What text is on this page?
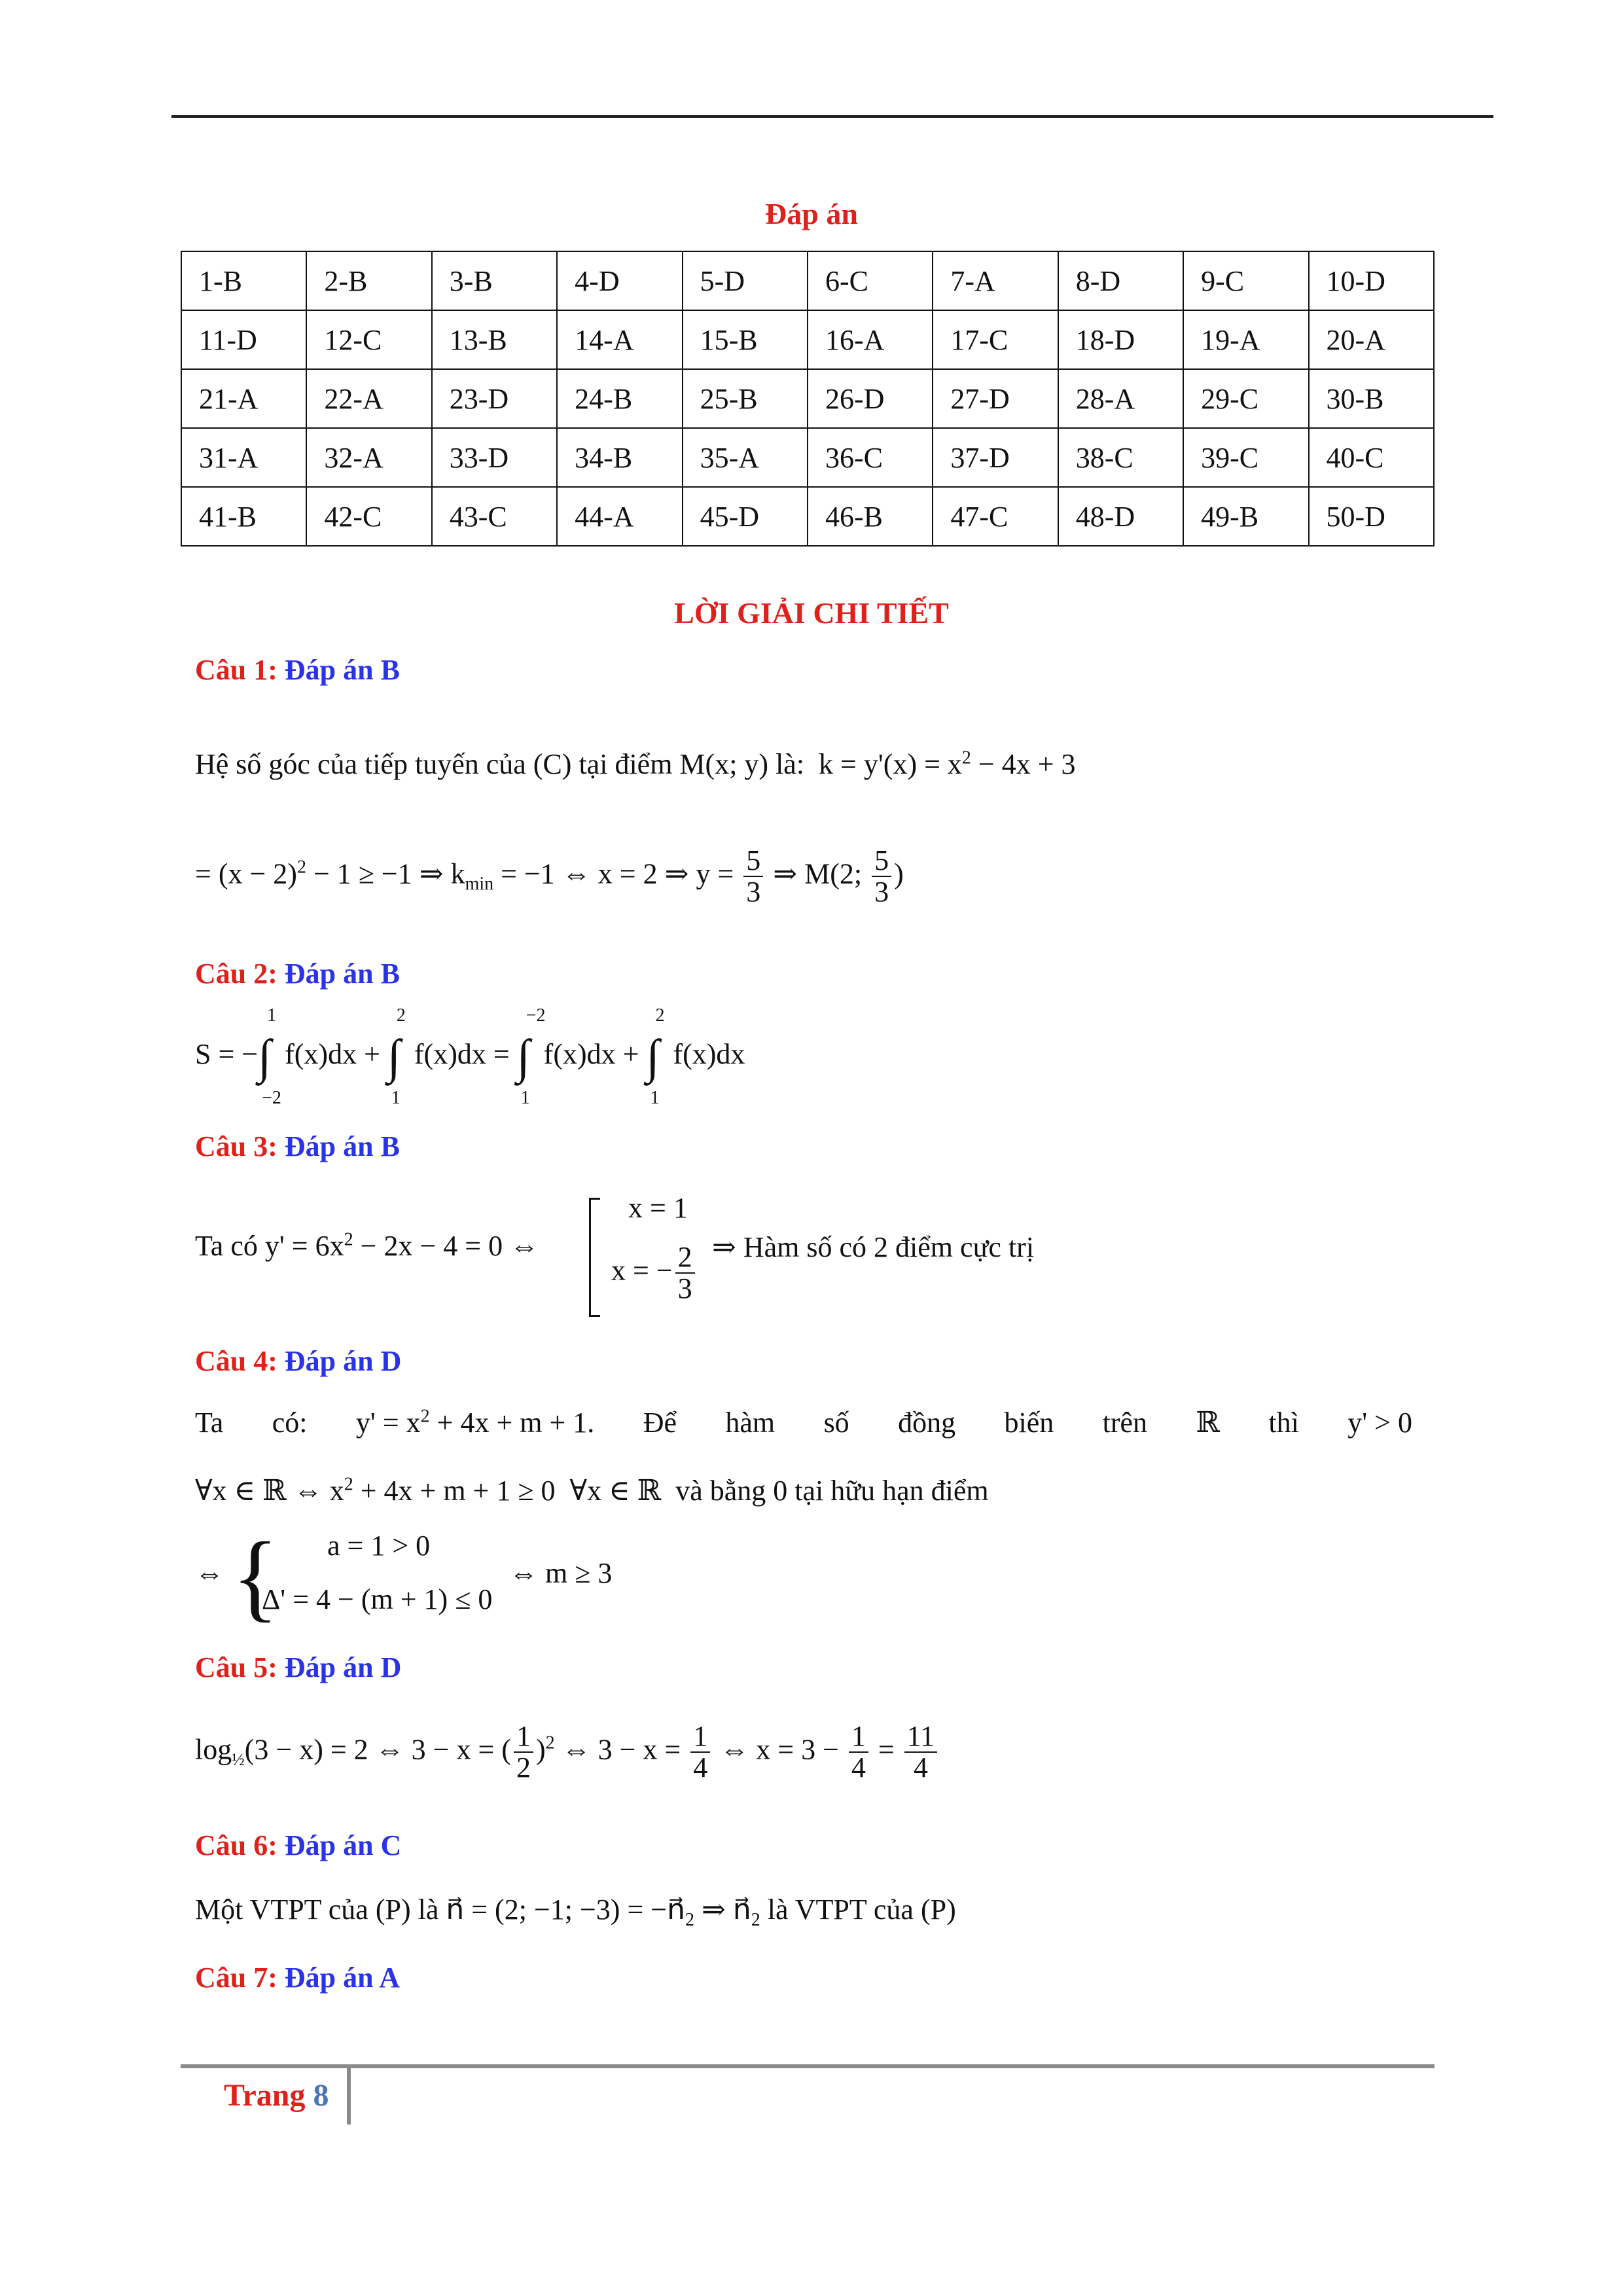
Đáp án
1-B	2-B	3-B	4-D	5-D	6-C	7-A	8-D	9-C	10-D
11-D	12-C	13-B	14-A	15-B	16-A	17-C	18-D	19-A	20-A
21-A	22-A	23-D	24-B	25-B	26-D	27-D	28-A	29-C	30-B
31-A	32-A	33-D	34-B	35-A	36-C	37-D	38-C	39-C	40-C
41-B	42-C	43-C	44-A	45-D	46-B	47-C	48-D	49-B	50-D
LỜI GIẢI CHI TIẾT
Câu 1: Đáp án B
Hệ số góc của tiếp tuyến của (C) tại điểm M(x; y) là:  $k = y'(x) = x^2 - 4x + 3$
= $(x - 2)^2 - 1 \ge -1$ ⇒ $k_{min} = -1$ ⇔ x = 2 ⇒ $y = \frac{5}{3}$ ⇒ M(2; $\frac{5}{3}$ )
Câu 2: Đáp án B
S = −∫
1
−2
f(x)dx + ∫
2
1
f(x)dx = ∫
−2
1
f(x)dx + ∫
2
1
f(x)dx
Câu 3: Đáp án B
Ta có $y' = 6x^2 - 2x - 4 = 0$ ⇔
x = 1
x = − $\frac{2}{3}$ ⇒ Hàm số có 2 điểm cực trị
Câu 4: Đáp án D
Ta có: $y' = x^2 + 4x + m + 1$. Để hàm số đồng biến trên ℝ thì y' > 0
∀x ∈ ℝ ⇔ $x^2 + 4x + m + 1 \ge 0$  ∀x ∈ ℝ  và bằng 0 tại hữu hạn điểm
⇔ { a = 1 > 0
Δ' = 4 − (m + 1) ≤ 0
⇔ m ≥ 3
Câu 5: Đáp án D
$\log_{\frac{1}{2}}(3 - x) = 2$ ⇔ 3 − x = ( $\frac{1}{2} )^2$ ⇔ $3 - x = \frac{1}{4}$ ⇔ $x = 3 - \frac{1}{4} = \frac{11}{4}$
Câu 6: Đáp án C
Một VTPT của (P) là n⃗ = (2; −1; $-3) = -n⃗_2$ ⇒ $n⃗_2$ là VTPT của (P)
Câu 7: Đáp án A
Trang 8
